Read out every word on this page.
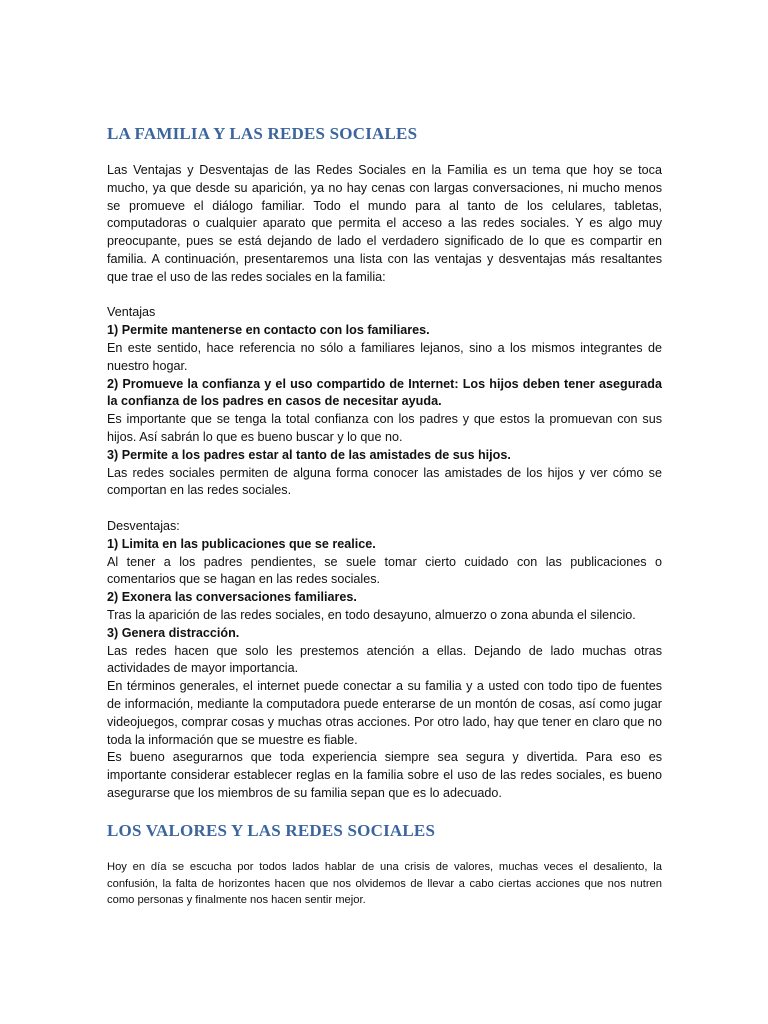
LA FAMILIA Y LAS REDES SOCIALES

Las Ventajas y Desventajas de las Redes Sociales en la Familia es un tema que hoy se toca mucho, ya que desde su aparición, ya no hay cenas con largas conversaciones, ni mucho menos se promueve el diálogo familiar. Todo el mundo para al tanto de los celulares, tabletas, computadoras o cualquier aparato que permita el acceso a las redes sociales. Y es algo muy preocupante, pues se está dejando de lado el verdadero significado de lo que es compartir en familia. A continuación, presentaremos una lista con las ventajas y desventajas más resaltantes que trae el uso de las redes sociales en la familia:

Ventajas

1) Permite mantenerse en contacto con los familiares.

En este sentido, hace referencia no sólo a familiares lejanos, sino a los mismos integrantes de nuestro hogar.

2) Promueve la confianza y el uso compartido de Internet: Los hijos deben tener asegurada la confianza de los padres en casos de necesitar ayuda.

Es importante que se tenga la total confianza con los padres y que estos la promuevan con sus hijos. Así sabrán lo que es bueno buscar y lo que no.

3) Permite a los padres estar al tanto de las amistades de sus hijos.

Las redes sociales permiten de alguna forma conocer las amistades de los hijos y ver cómo se comportan en las redes sociales.

Desventajas:

1) Limita en las publicaciones que se realice.

Al tener a los padres pendientes, se suele tomar cierto cuidado con las publicaciones o comentarios que se hagan en las redes sociales.

2) Exonera las conversaciones familiares.

Tras la aparición de las redes sociales, en todo desayuno, almuerzo o zona abunda el silencio.

3) Genera distracción.

Las redes hacen que solo les prestemos atención a ellas. Dejando de lado muchas otras actividades de mayor importancia.

En términos generales, el internet puede conectar a su familia y a usted con todo tipo de fuentes de información, mediante la computadora puede enterarse de un montón de cosas, así como jugar videojuegos, comprar cosas y muchas otras acciones. Por otro lado, hay que tener en claro que no toda la información que se muestre es fiable.

Es bueno asegurarnos que toda experiencia siempre sea segura y divertida. Para eso es importante considerar establecer reglas en la familia sobre el uso de las redes sociales, es bueno asegurarse que los miembros de su familia sepan que es lo adecuado.

LOS VALORES Y LAS REDES SOCIALES

Hoy en día se escucha por todos lados hablar de una crisis de valores, muchas veces el desaliento, la confusión, la falta de horizontes hacen que nos olvidemos de llevar a cabo ciertas acciones que nos nutren como personas y finalmente nos hacen sentir mejor.
